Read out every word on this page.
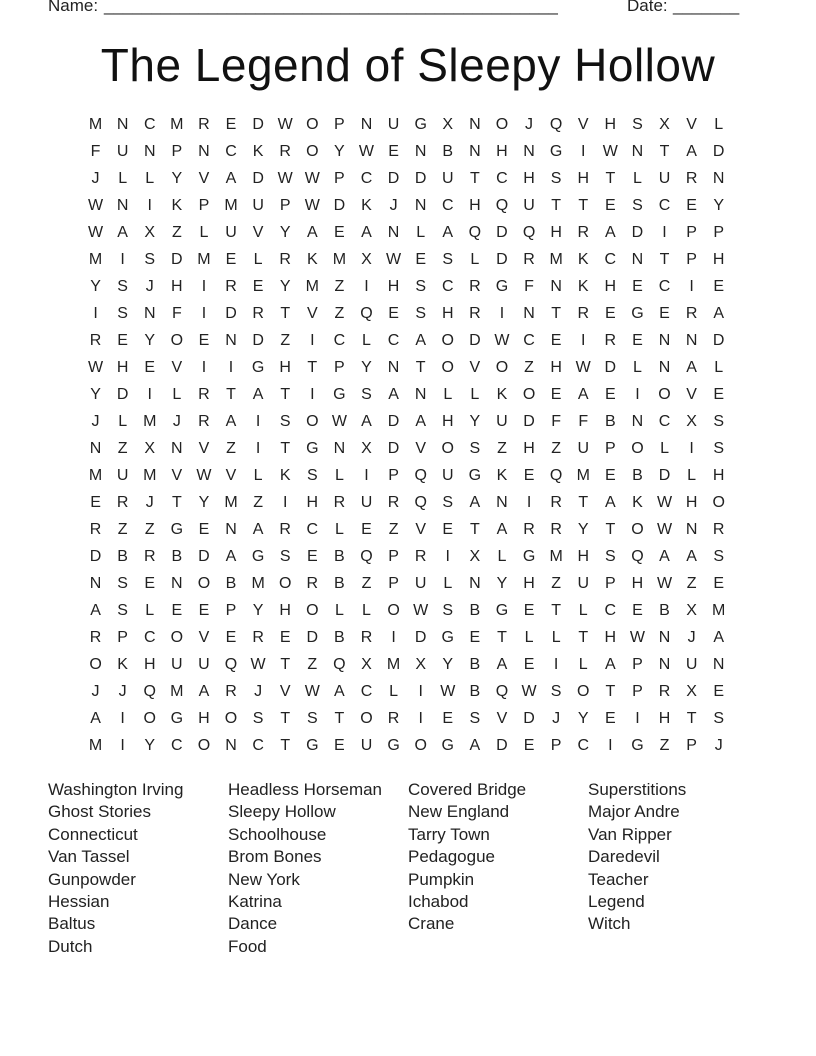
Name: ________________________________________________	Date: _______
The Legend of Sleepy Hollow
M N C M R E D W O P N U G X N O	J	Q V H S	X	V	L
F	U N P N C K R O Y W E N B N H N G	I	W N	T	A D
J	L	L	Y	V	A D W W P C D D U	T	C H S H	T	L	U R N
W N	I	K	P M U P W D K	J	N C H Q U	T	T	E	S C E	Y
W A	X	Z	L	U V	Y	A	E	A N	L	A Q D Q H R A D	I	P	P
M	I	S D M E	L	R K M X W E	S	L	D R M K C N	T	P H
Y	S	J	H	I	R E	Y M Z	I	H S C R G F	N K H E C	I	E
I	S N	F	I	D R	T	V	Z Q E	S H R	I	N	T	R E G E R A
R E	Y O E N D	Z	I	C	L	C A O D W C E	I	R E N N D
W H E	V	I	I	G H	T	P	Y N	T O V O Z	H W D	L	N A	L
Y D	I	L	R	T	A	T	I	G S	A N	L	L	K O E	A	E	I	O V	E
J	L M	J	R A	I	S O W A D A H Y U D	F	F	B N C X	S
N	Z	X N V	Z	I	T G N X D V O S	Z	H	Z	U P O	L	I	S
M U M V W V	L	K	S	L	I	P Q U G K	E Q M E	B D	L	H
E R	J	T	Y M Z	I	H R U R Q S	A N	I	R	T	A	K W H O
R	Z	Z G E N A R C	L	E	Z	V	E	T	A R R Y	T O W N R
D B R B D A G S	E	B Q P R	I	X	L	G M H S Q A	A	S
N S	E N O B M O R B	Z	P U	L	N Y H	Z	U P H W Z	E
A	S	L	E	E	P	Y H O	L	L	O W S	B G E	T	L	C E	B	X M
R P C O V	E R E D B R	I	D G E	T	L	L	T	H W N	J	A
O K H U U Q W T	Z Q X M X	Y	B	A	E	I	L	A	P N U N
J	J	Q M A R	J	V W A C	L	I	W B Q W S O T	P R X	E
A	I	O G H O S	T	S	T O R	I	E	S	V D	J	Y	E	I	H	T	S
M	I	Y C O N C	T G E U G O G A D E	P C	I	G Z	P	J
Washington Irving
Ghost Stories
Connecticut
Van Tassel
Gunpowder
Hessian
Baltus
Dutch
Headless Horseman
Sleepy Hollow
Schoolhouse
Brom Bones
New York
Katrina
Dance
Food
Covered Bridge
New England
Tarry Town
Pedagogue
Pumpkin
Ichabod
Crane
Superstitions
Major Andre
Van Ripper
Daredevil
Teacher
Legend
Witch
